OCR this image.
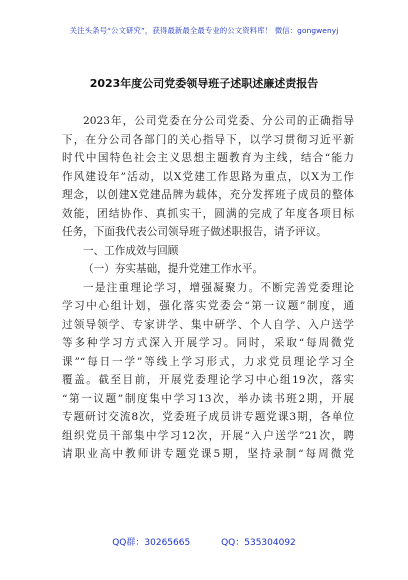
关注头条号“公文研究”，获得最新最全最专业的公文资料库！ 微信：gongwenyj
2023年度公司党委领导班子述职述廉述责报告
2023年，公司党委在分公司党委、分公司的正确指导
下，在分公司各部门的关心指导下，以学习贯彻习近平新
时代中国特色社会主义思想主题教育为主线，结合“能力
作风建设年”活动，以X党建工作思路为重点，以X为工作
理念，以创建X党建品牌为载体，充分发挥班子成员的整体
效能，团结协作、真抓实干，圆满的完成了年度各项目标
任务，下面我代表公司领导班子做述职报告，请予评议。
一、工作成效与回顾
（一）夯实基础，提升党建工作水平。
一是注重理论学习，增强凝聚力。不断完善党委理论
学习中心组计划，强化落实党委会“第一议题”制度，通
过领导领学、专家讲学、集中研学、个人自学、入户送学
等多种学习方式深入开展学习。同时，采取“每周微党
课”“每日一学”等线上学习形式，力求党员理论学习全
覆盖。截至目前，开展党委理论学习中心组19次，落实
“第一议题”制度集中学习13次，举办读书班2期，开展
专题研讨交流8次，党委班子成员讲专题党课3期，各单位
组织党员干部集中学习12次，开展“入户送学”21次，聘
请职业高中教师讲专题党课5期，坚持录制“每周微党
QQ群：30265665	QQ：535304092
